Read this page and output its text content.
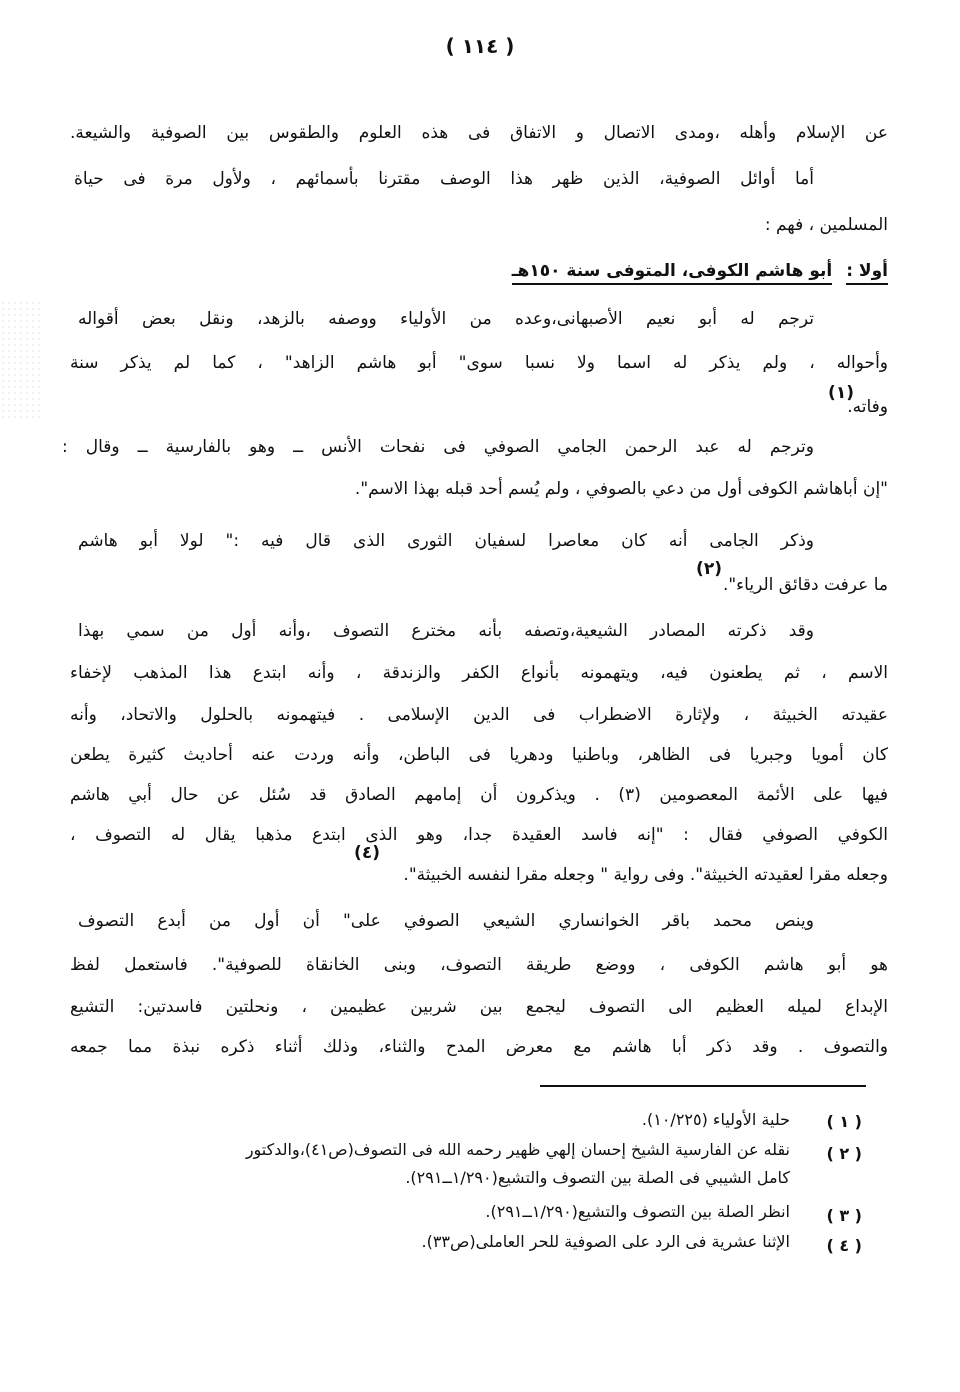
( ١١٤ )
عن الإسلام وأهله ،ومدى الاتصال و الاتفاق فى هذه العلوم والطقوس بين الصوفية والشيعة.
أما أوائل الصوفية، الذين ظهر هذا الوصف مقترنا بأسمائهم ، ولأول مرة فى حياة
المسلمين ، فهم :
أولا :أبو هاشم الكوفى، المتوفى سنة ١٥٠هـ
ترجم له أبو نعيم الأصبهانى،وعده من الأولياء ووصفه بالزهد، ونقل بعض أقواله
وأحواله ، ولم يذكر له اسما ولا نسبا سوى" أبو هاشم الزاهد" ، كما لم يذكر سنة
وفاته.
(١)
وترجم له عبد الرحمن الجامي الصوفي فى نفحات الأنس ــ وهو بالفارسية ــ وقال :
"إن أباهاشم الكوفى أول من دعي بالصوفي ، ولم يُسم أحد قبله بهذا الاسم".
وذكر الجامى أنه كان معاصرا لسفيان الثورى الذى قال فيه :" لولا أبو هاشم
ما عرفت دقائق الرياء".
(٢)
وقد ذكرته المصادر الشيعية،وتصفه بأنه مخترع التصوف ،وأنه أول من سمي بهذا
الاسم ، ثم يطعنون فيه، ويتهمونه بأنواع الكفر والزندقة ، وأنه ابتدع هذا المذهب لإخفاء
عقيدته الخبيثة ، ولإثارة الاضطراب فى الدين الإسلامى . فيتهمونه بالحلول والاتحاد، وأنه
كان أمويا وجبريا فى الظاهر، وباطنيا ودهريا فى الباطن، وأنه وردت عنه أحاديث كثيرة يطعن
فيها على الأئمة المعصومين (٣) . ويذكرون أن إمامهم الصادق قد سُئل عن حال أبي هاشم
الكوفي الصوفي فقال : "إنه فاسد العقيدة جدا، وهو الذى ابتدع مذهبا يقال له التصوف ،
وجعله مقرا لعقيدته الخبيثة". وفى رواية " وجعله مقرا لنفسه الخبيثة".
(٤)
وينص محمد باقر الخوانساري الشيعي الصوفي على" أن أول من أبدع التصوف
هو أبو هاشم الكوفى ، ووضع طريقة التصوف، وبنى الخانقاة للصوفية". فاستعمل لفظ
الإبداع لميله العظيم الى التصوف ليجمع بين شربين عظيمين ، ونحلتين فاسدتين: التشيع
والتصوف . وقد ذكر أبا هاشم مع معرض المدح والثناء، وذلك أثناء ذكره نبذة مما جمعه
( ١ )
حلية الأولياء (١٠/٢٢٥).
( ٢ )
نقله عن الفارسية الشيخ إحسان إلهي ظهير رحمه الله فى التصوف(ص٤١)،والدكتور
كامل الشيبي فى الصلة بين التصوف والتشيع(١/٢٩٠ــ٢٩١).
( ٣ )
انظر الصلة بين التصوف والتشيع(١/٢٩٠ــ٢٩١).
( ٤ )
الإثنا عشرية فى الرد على الصوفية للحر العاملى(ص٣٣).
